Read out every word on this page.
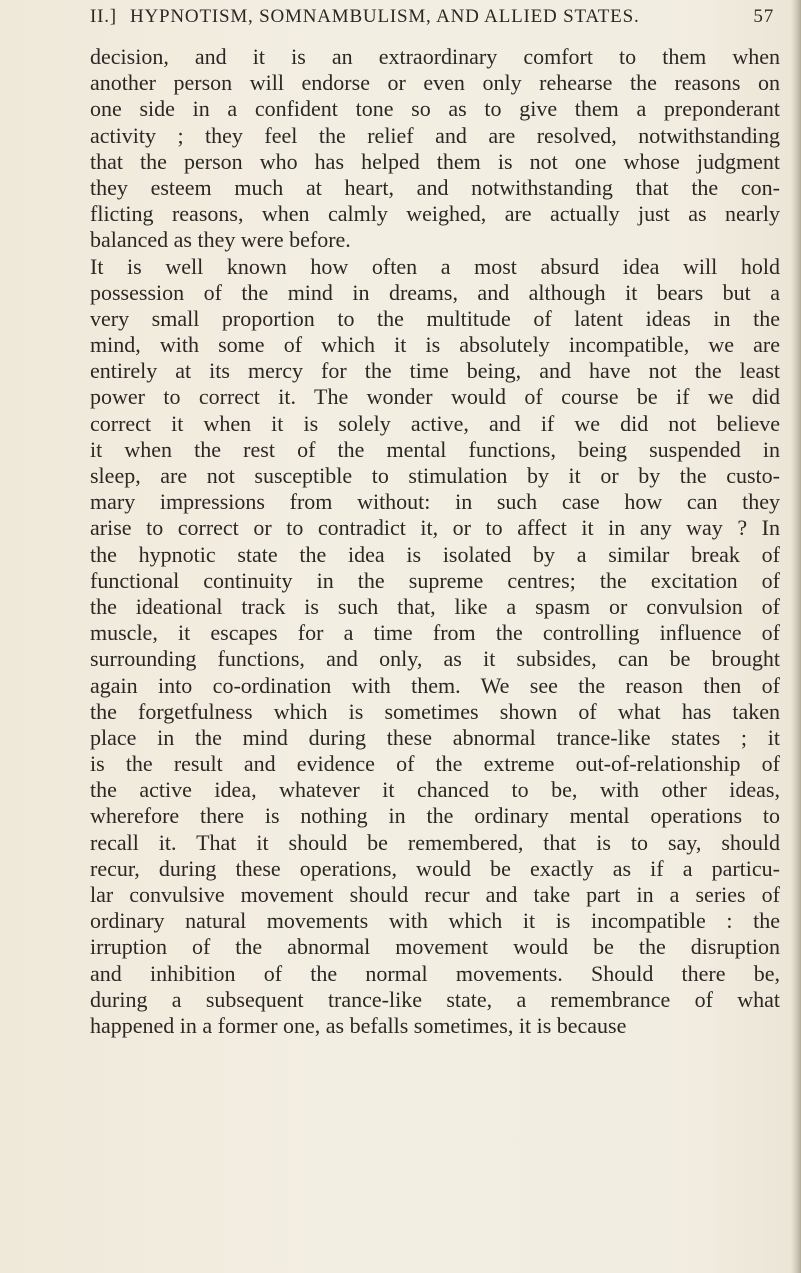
II.] HYPNOTISM, SOMNAMBULISM, AND ALLIED STATES.	57
decision, and it is an extraordinary comfort to them when
another person will endorse or even only rehearse the reasons on
one side in a confident tone so as to give them a preponderant
activity ; they feel the relief and are resolved, notwithstanding
that the person who has helped them is not one whose judgment
they esteem much at heart, and notwithstanding that the con-
flicting reasons, when calmly weighed, are actually just as nearly
balanced as they were before.
It is well known how often a most absurd idea will hold
possession of the mind in dreams, and although it bears but a
very small proportion to the multitude of latent ideas in the
mind, with some of which it is absolutely incompatible, we are
entirely at its mercy for the time being, and have not the least
power to correct it. The wonder would of course be if we did
correct it when it is solely active, and if we did not believe
it when the rest of the mental functions, being suspended in
sleep, are not susceptible to stimulation by it or by the custo-
mary impressions from without: in such case how can they
arise to correct or to contradict it, or to affect it in any way ? In
the hypnotic state the idea is isolated by a similar break of
functional continuity in the supreme centres; the excitation of
the ideational track is such that, like a spasm or convulsion of
muscle, it escapes for a time from the controlling influence of
surrounding functions, and only, as it subsides, can be brought
again into co-ordination with them. We see the reason then of
the forgetfulness which is sometimes shown of what has taken
place in the mind during these abnormal trance-like states ; it
is the result and evidence of the extreme out-of-relationship of
the active idea, whatever it chanced to be, with other ideas,
wherefore there is nothing in the ordinary mental operations to
recall it. That it should be remembered, that is to say, should
recur, during these operations, would be exactly as if a particu-
lar convulsive movement should recur and take part in a series of
ordinary natural movements with which it is incompatible : the
irruption of the abnormal movement would be the disruption
and inhibition of the normal movements. Should there be,
during a subsequent trance-like state, a remembrance of what
happened in a former one, as befalls sometimes, it is because
